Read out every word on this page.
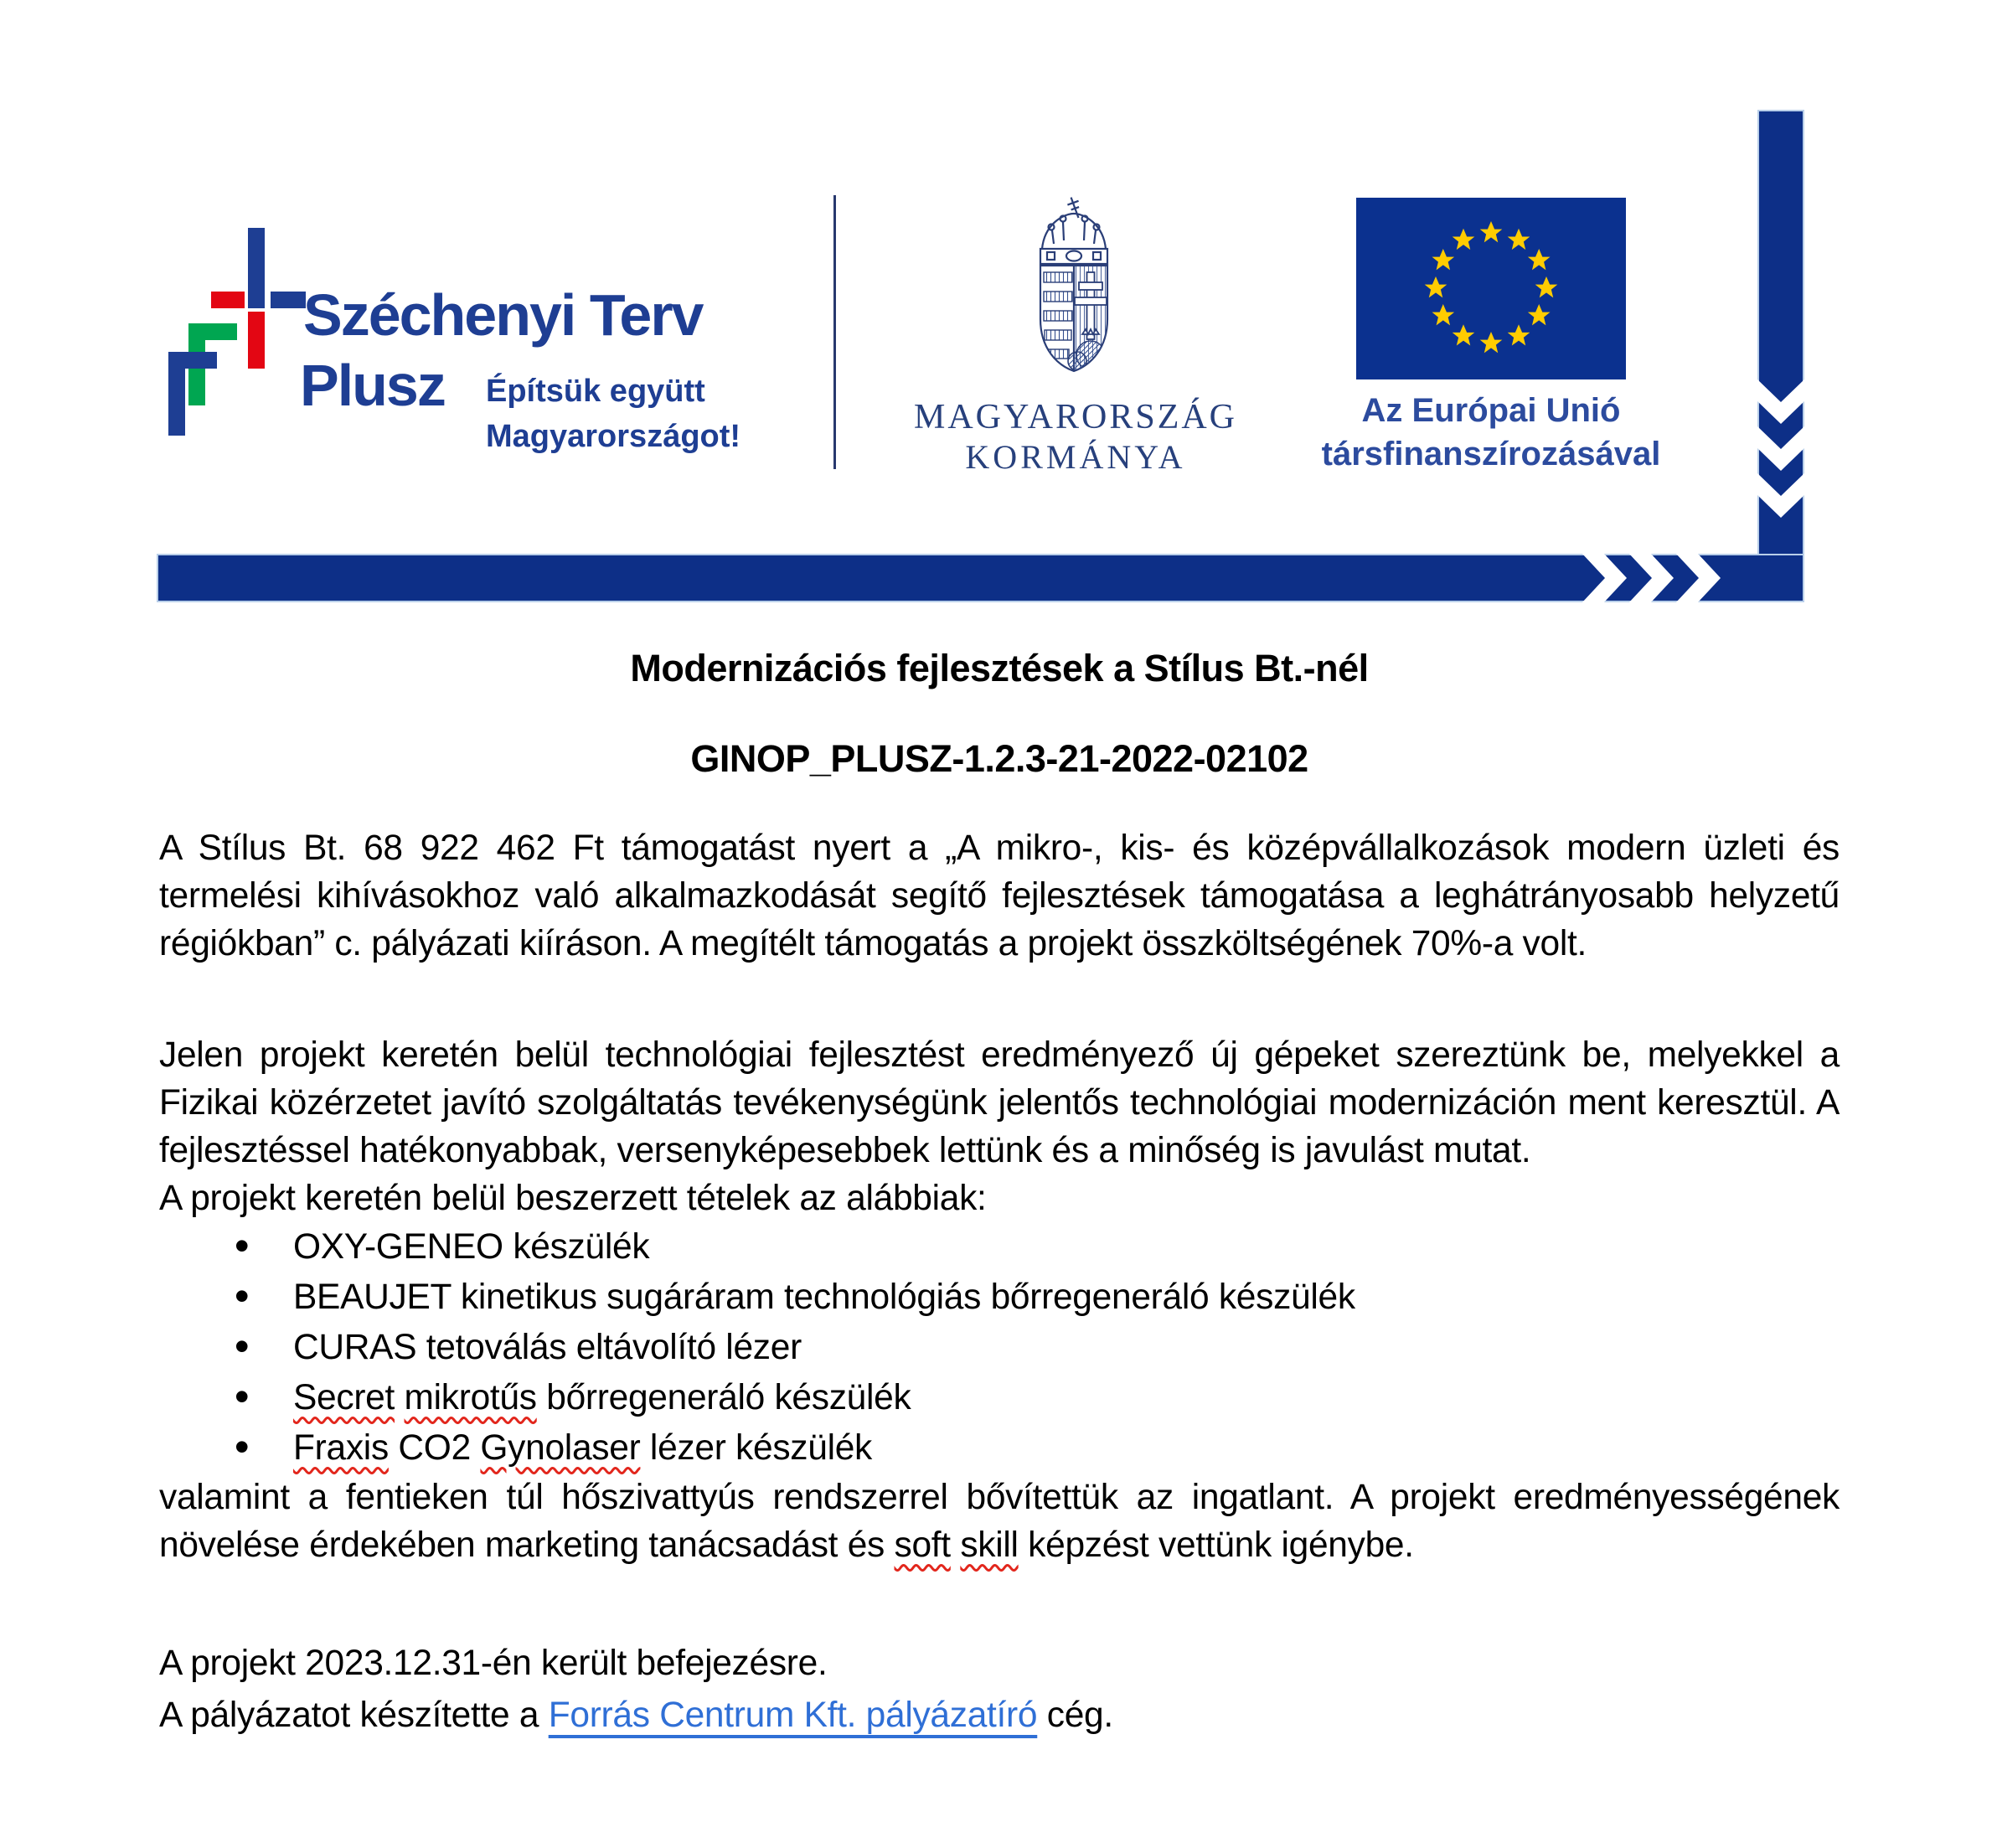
Széchenyi Terv
Plusz Építsük együtt
Magyarországot!	MAGYARORSZÁG
KORMÁNYA
Az Európai Unió
társfinanszírozásával

Modernizációs fejlesztések a Stílus Bt.-nél

GINOP_PLUSZ-1.2.3-21-2022-02102

A Stílus Bt. 68 922 462 Ft támogatást nyert a „A mikro-, kis- és középvállalkozások modern üzleti és termelési kihívásokhoz való alkalmazkodását segítő fejlesztések támogatása a leghátrányosabb helyzetű régiókban” c. pályázati kiíráson. A megítélt támogatás a projekt összköltségének 70%-a volt.

Jelen projekt keretén belül technológiai fejlesztést eredményező új gépeket szereztünk be, melyekkel a Fizikai közérzetet javító szolgáltatás tevékenységünk jelentős technológiai modernizáción ment keresztül. A fejlesztéssel hatékonyabbak, versenyképesebbek lettünk és a minőség is javulást mutat.

A projekt keretén belül beszerzett tételek az alábbiak:

• OXY-GENEO készülék
• BEAUJET kinetikus sugáráram technológiás bőrregeneráló készülék
• CURAS tetoválás eltávolító lézer
• Secret mikrotűs bőrregeneráló készülék
• Fraxis CO2 Gynolaser lézer készülék

valamint a fentieken túl hőszivattyús rendszerrel bővítettük az ingatlant. A projekt eredményességének növelése érdekében marketing tanácsadást és soft skill képzést vettünk igénybe.

A projekt 2023.12.31-én került befejezésre.

A pályázatot készítette a Forrás Centrum Kft. pályázatíró cég.
